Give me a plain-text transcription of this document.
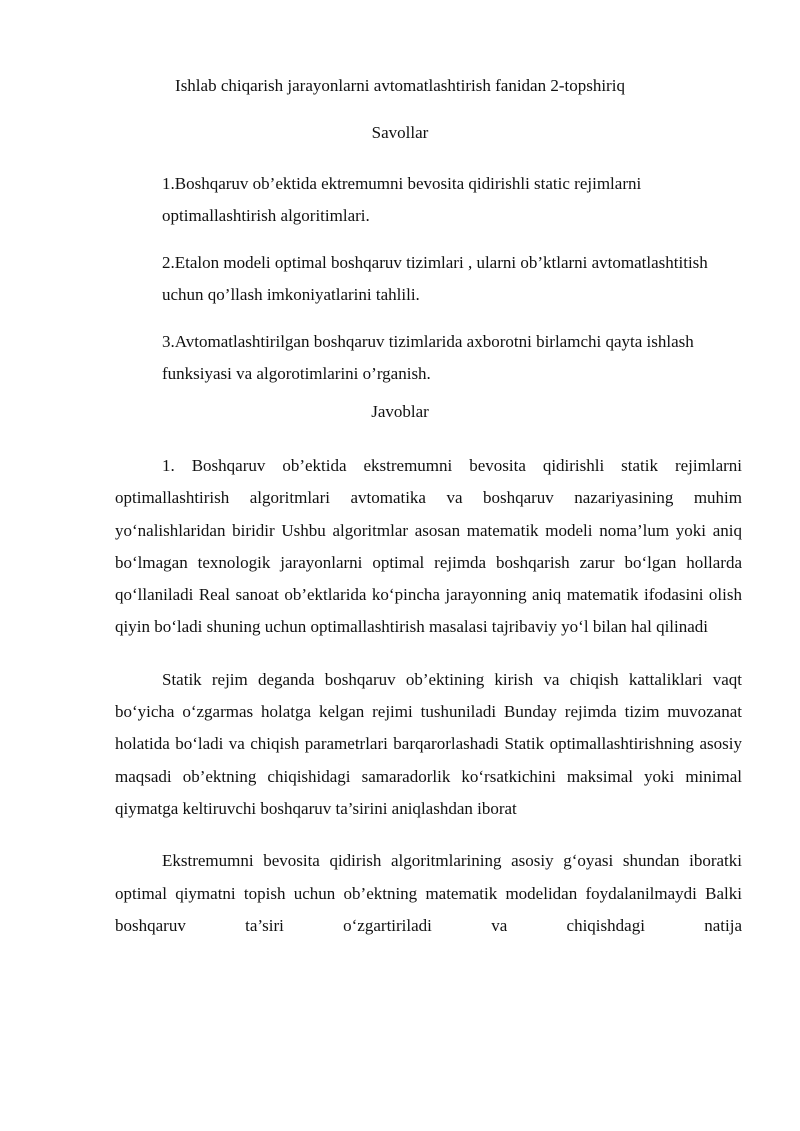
Ishlab chiqarish jarayonlarni avtomatlashtirish fanidan 2-topshiriq
Savollar

1.Boshqaruv ob’ektida ektremumni bevosita qidirishli static rejimlarni optimallashtirish algoritimlari.

2.Etalon modeli optimal boshqaruv tizimlari , ularni ob’ktlarni avtomatlashtitish uchun qo’llash imkoniyatlarini tahlili.

3.Avtomatlashtirilgan boshqaruv tizimlarida axborotni birlamchi qayta ishlash funksiyasi va algorotimlarini o’rganish.

Javoblar

1. Boshqaruv ob’ektida ekstremumni bevosita qidirishli statik rejimlarni optimallashtirish algoritmlari avtomatika va boshqaruv nazariyasining muhim yo‘nalishlaridan biridir Ushbu algoritmlar asosan matematik modeli noma’lum yoki aniq bo‘lmagan texnologik jarayonlarni optimal rejimda boshqarish zarur bo‘lgan hollarda qo‘llaniladi Real sanoat ob’ektlarida ko‘pincha jarayonning aniq matematik ifodasini olish qiyin bo‘ladi shuning uchun optimallashtirish masalasi tajribaviy yo‘l bilan hal qilinadi

Statik rejim deganda boshqaruv ob’ektining kirish va chiqish kattaliklari vaqt bo‘yicha o‘zgarmas holatga kelgan rejimi tushuniladi Bunday rejimda tizim muvozanat holatida bo‘ladi va chiqish parametrlari barqarorlashadi Statik optimallashtirishning asosiy maqsadi ob’ektning chiqishidagi samaradorlik ko‘rsatkichini maksimal yoki minimal qiymatga keltiruvchi boshqaruv ta’sirini aniqlashdan iborat

Ekstremumni bevosita qidirish algoritmlarining asosiy g‘oyasi shundan iboratki optimal qiymatni topish uchun ob’ektning matematik modelidan foydalanilmaydi Balki boshqaruv ta’siri o‘zgartiriladi va chiqishdagi natija
